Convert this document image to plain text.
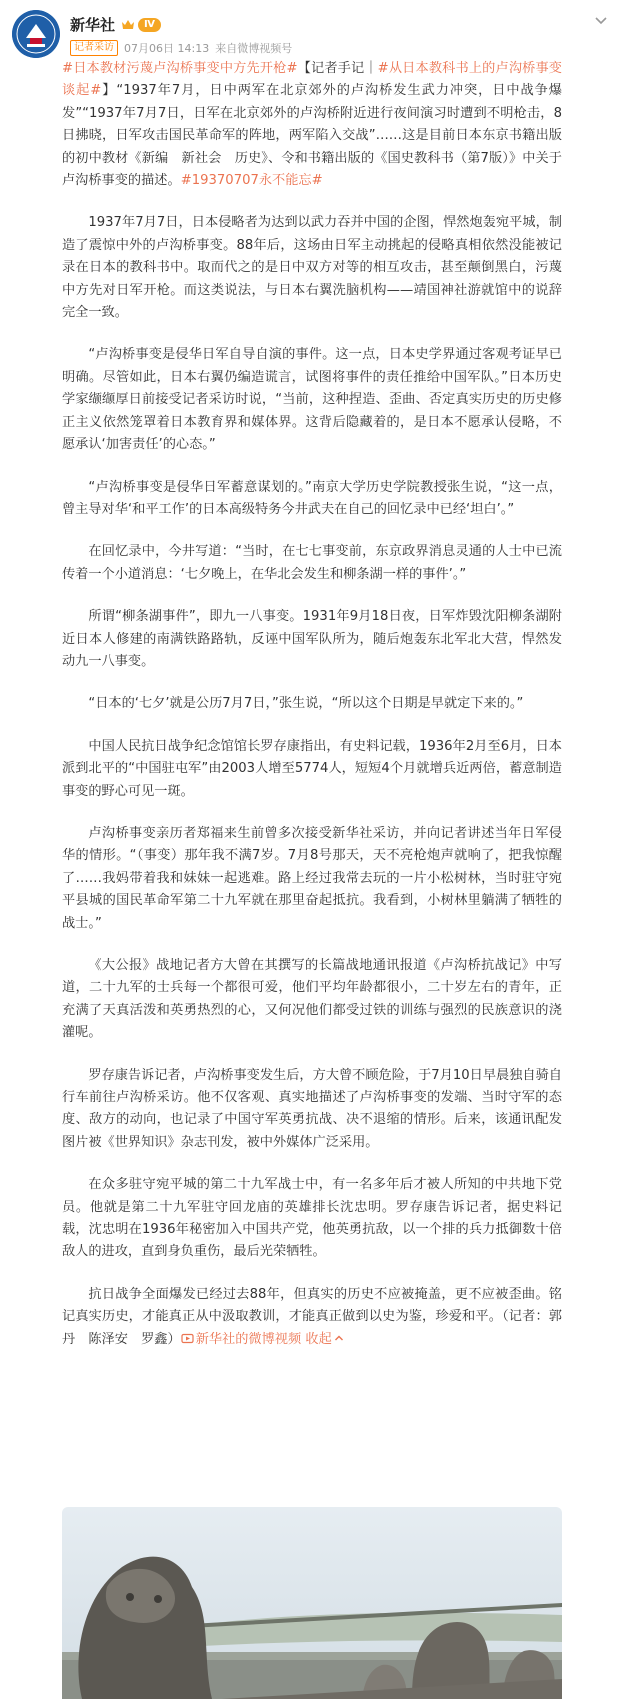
新华社	Ⅳ
记者采访 07月06日 14:13 来自 微博视频号

#日本教材污蔑卢沟桥事变中方先开枪#【记者手记｜#从日本教科书上的卢沟桥事变谈起#】“1937年7月，日中两军在北京郊外的卢沟桥发生武力冲突，日中战争爆发”“1937年7月7日，日军在北京郊外的卢沟桥附近进行夜间演习时遭到不明枪击，8日拂晓，日军攻击国民革命军的阵地，两军陷入交战”……这是目前日本东京书籍出版的初中教材《新编　新社会　历史》、令和书籍出版的《国史教科书（第7版）》中关于卢沟桥事变的描述。#19370707永不能忘#

1937年7月7日，日本侵略者为达到以武力吞并中国的企图，悍然炮轰宛平城，制造了震惊中外的卢沟桥事变。88年后，这场由日军主动挑起的侵略真相依然没能被记录在日本的教科书中。取而代之的是日中双方对等的相互攻击，甚至颠倒黑白，污蔑中方先对日军开枪。而这类说法，与日本右翼洗脑机构——靖国神社游就馆中的说辞完全一致。

“卢沟桥事变是侵华日军自导自演的事件。这一点，日本史学界通过客观考证早已明确。尽管如此，日本右翼仍编造谎言，试图将事件的责任推给中国军队。”日本历史学家缬缬厚日前接受记者采访时说，“当前，这种捏造、歪曲、否定真实历史的历史修正主义依然笼罩着日本教育界和媒体界。这背后隐藏着的，是日本不愿承认侵略，不愿承认‘加害责任’的心态。”

“卢沟桥事变是侵华日军蓄意谋划的。”南京大学历史学院教授张生说，“这一点，曾主导对华‘和平工作’的日本高级特务今井武夫在自己的回忆录中已经‘坦白’。”

在回忆录中，今井写道：“当时，在七七事变前，东京政界消息灵通的人士中已流传着一个小道消息：‘七夕晚上，在华北会发生和柳条湖一样的事件’。”

所谓“柳条湖事件”，即九一八事变。1931年9月18日夜，日军炸毁沈阳柳条湖附近日本人修建的南满铁路路轨，反诬中国军队所为，随后炮轰东北军北大营，悍然发动九一八事变。

“日本的‘七夕’就是公历7月7日，”张生说，“所以这个日期是早就定下来的。”

中国人民抗日战争纪念馆馆长罗存康指出，有史料记载，1936年2月至6月，日本派到北平的“中国驻屯军”由2003人增至5774人，短短4个月就增兵近两倍，蓄意制造事变的野心可见一斑。

卢沟桥事变亲历者郑福来生前曾多次接受新华社采访，并向记者讲述当年日军侵华的情形。“（事变）那年我不满7岁。7月8号那天，天不亮枪炮声就响了，把我惊醒了……我妈带着我和妹妹一起逃难。路上经过我常去玩的一片小松树林，当时驻守宛平县城的国民革命军第二十九军就在那里奋起抵抗。我看到，小树林里躺满了牺牲的战士。”

《大公报》战地记者方大曾在其撰写的长篇战地通讯报道《卢沟桥抗战记》中写道，二十九军的士兵每一个都很可爱，他们平均年龄都很小，二十岁左右的青年，正充满了天真活泼和英勇热烈的心，又何况他们都受过铁的训练与强烈的民族意识的浇灌呢。

罗存康告诉记者，卢沟桥事变发生后，方大曾不顾危险，于7月10日早晨独自骑自行车前往卢沟桥采访。他不仅客观、真实地描述了卢沟桥事变的发端、当时守军的态度、敌方的动向，也记录了中国守军英勇抗战、决不退缩的情形。后来，该通讯配发图片被《世界知识》杂志刊发，被中外媒体广泛采用。

在众多驻守宛平城的第二十九军战士中，有一名多年后才被人所知的中共地下党员。他就是第二十九军驻守回龙庙的英雄排长沈忠明。罗存康告诉记者，据史料记载，沈忠明在1936年秘密加入中国共产党，他英勇抗敌，以一个排的兵力抵御数十倍敌人的进攻，直到身负重伤，最后光荣牺牲。

抗日战争全面爆发已经过去88年，但真实的历史不应被掩盖，更不应被歪曲。铭记真实历史，才能真正从中汲取教训，才能真正做到以史为鉴，珍爱和平。（记者：郭丹　陈泽安　罗鑫） 新华社的微博视频 收起
